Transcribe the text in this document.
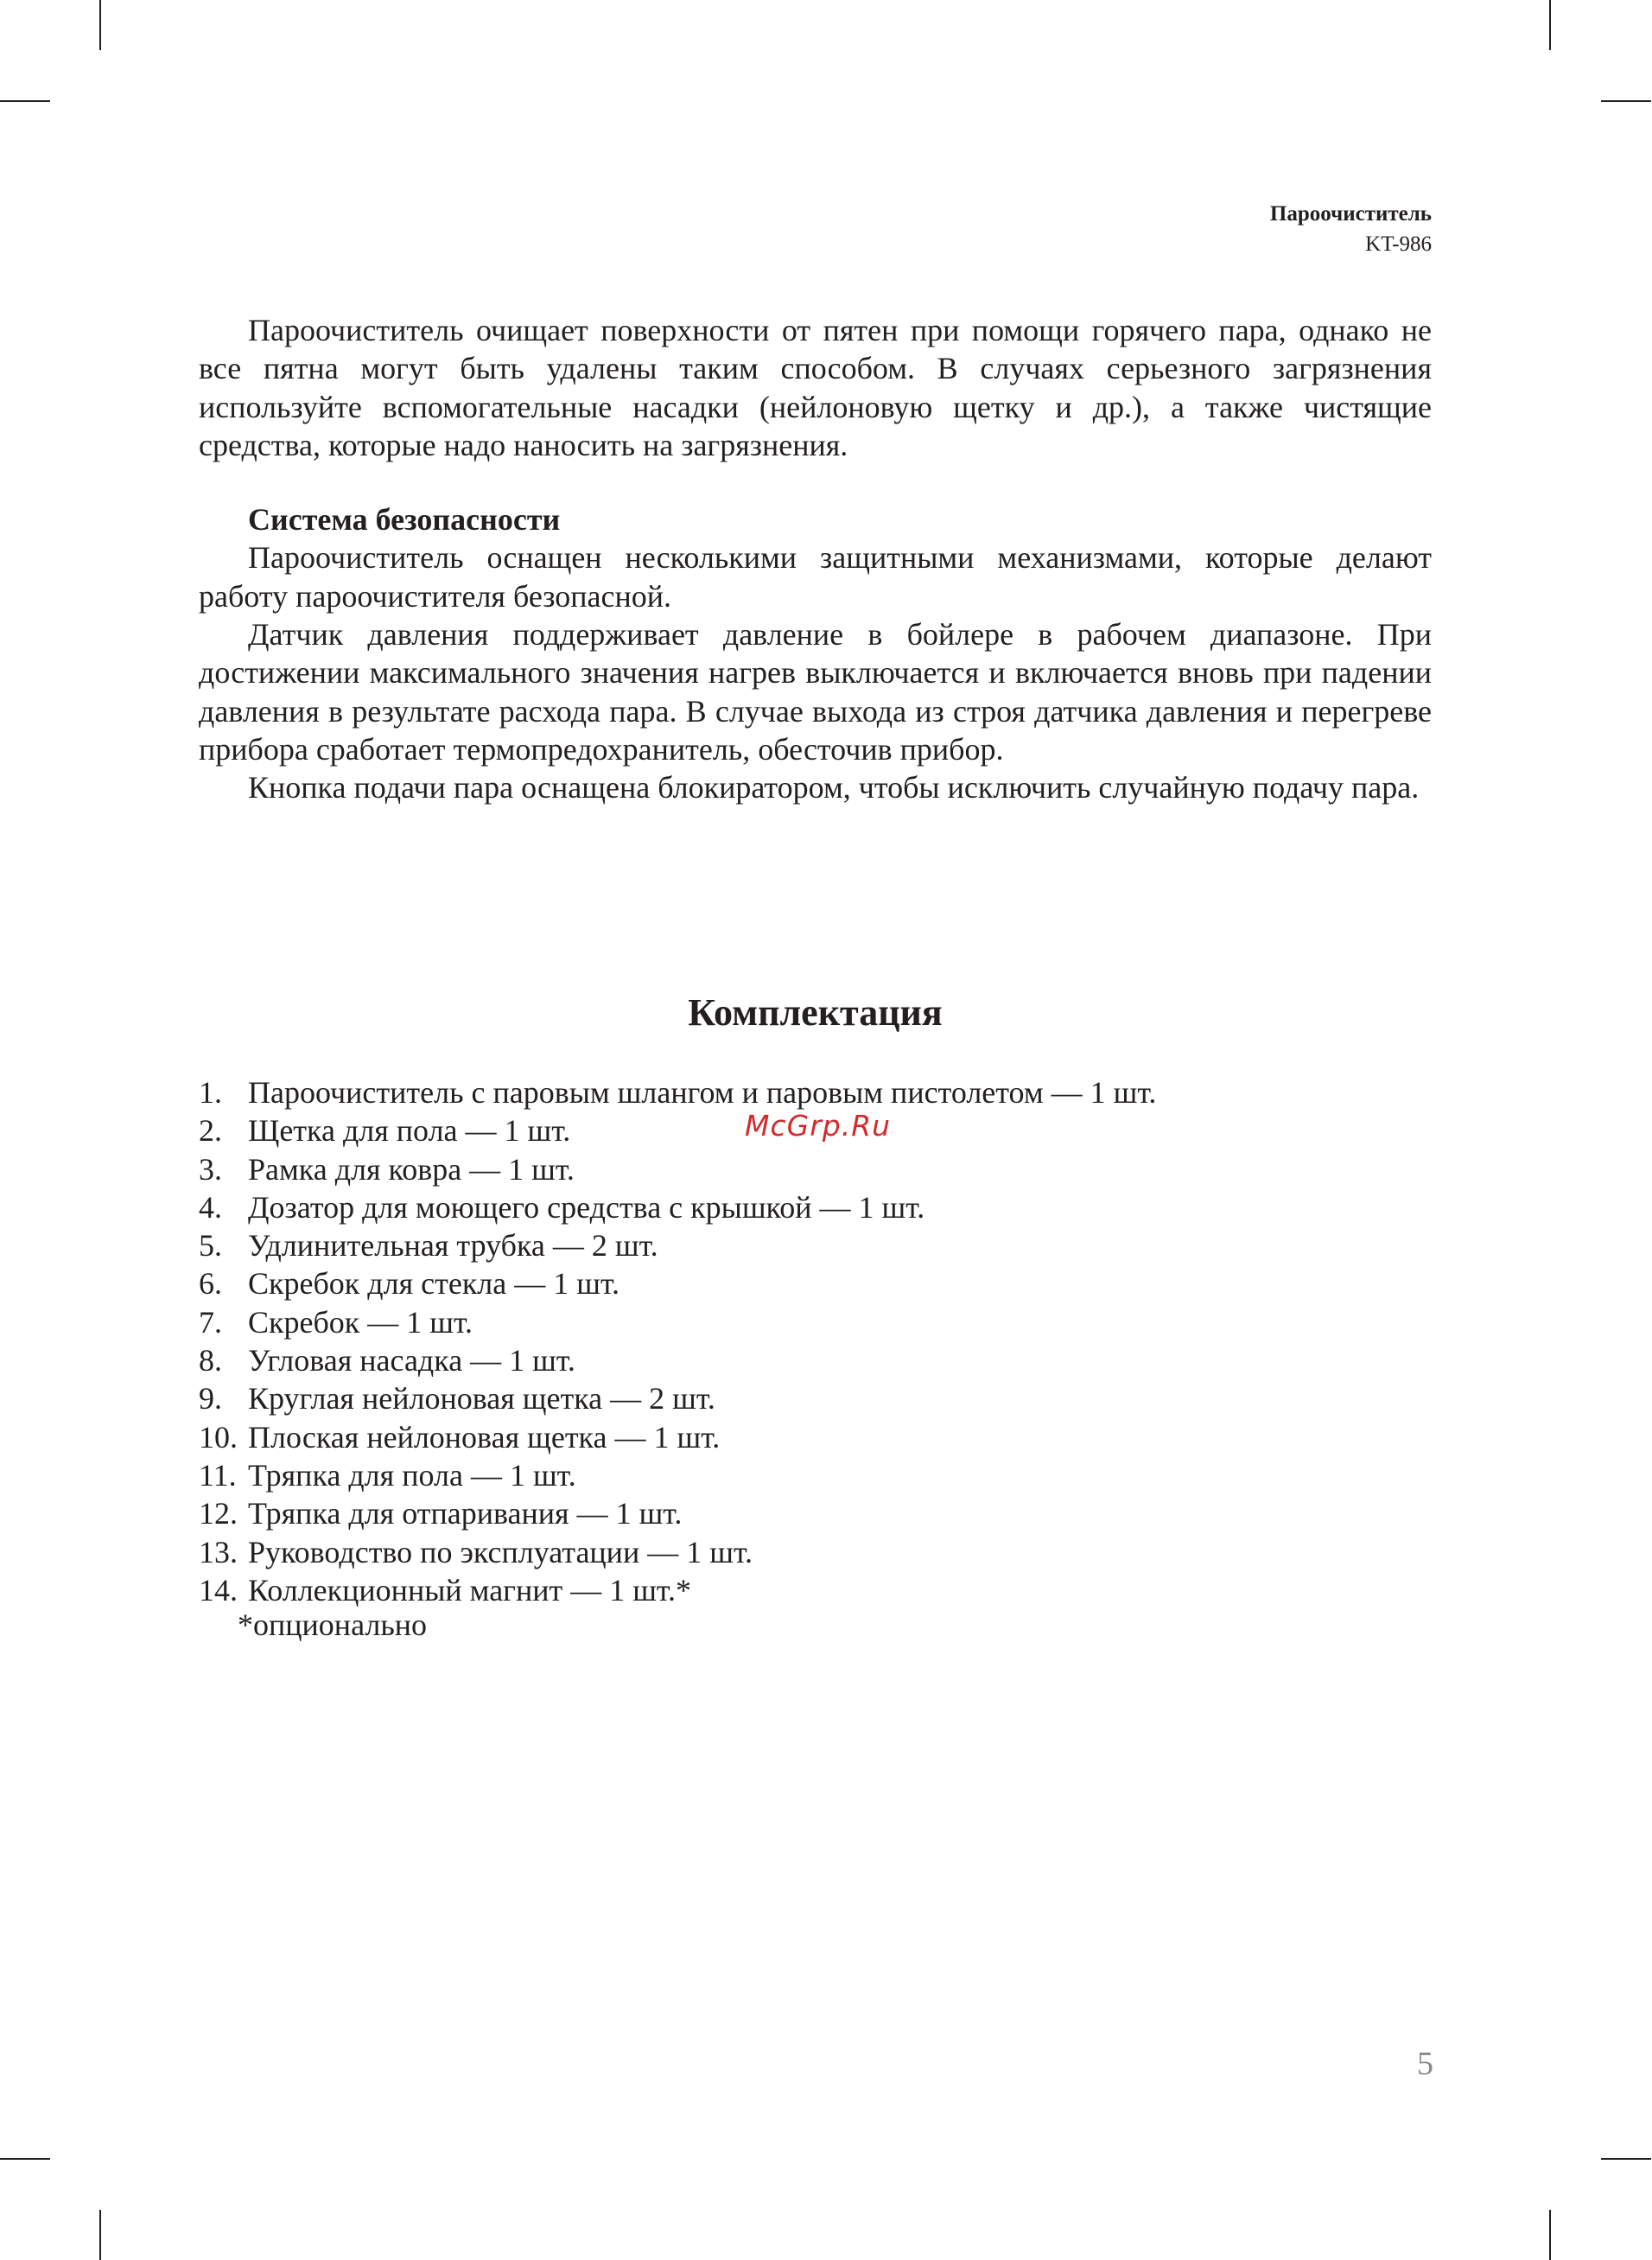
Пароочиститель
KT-986

Пароочиститель очищает поверхности от пятен при помощи горячего пара, однако не все пятна могут быть удалены таким способом. В случаях серьезного загрязнения используйте вспомогательные насадки (нейлоновую щетку и др.), а также чистящие средства, которые надо наносить на загрязнения.

Система безопасности

Пароочиститель оснащен несколькими защитными механизмами, которые делают работу пароочистителя безопасной.

Датчик давления поддерживает давление в бойлере в рабочем диапазоне. При достижении максимального значения нагрев выключается и включается вновь при падении давления в результате расхода пара. В случае выхода из строя датчика давления и перегреве прибора сработает термопредохранитель, обесточив прибор.

Кнопка подачи пара оснащена блокиратором, чтобы исключить случайную подачу пара.

Комплектация
1. Пароочиститель с паровым шлангом и паровым пистолетом — 1 шт.
2. Щетка для пола — 1 шт.
3. Рамка для ковра — 1 шт.
4. Дозатор для моющего средства с крышкой — 1 шт.
5. Удлинительная трубка — 2 шт.
6. Скребок для стекла — 1 шт.
7. Скребок — 1 шт.
8. Угловая насадка — 1 шт.
9. Круглая нейлоновая щетка — 2 шт.
10. Плоская нейлоновая щетка — 1 шт.
11. Тряпка для пола — 1 шт.
12. Тряпка для отпаривания — 1 шт.
13. Руководство по эксплуатации — 1 шт.
14. Коллекционный магнит — 1 шт.*
*опционально
McGrp.Ru
5
